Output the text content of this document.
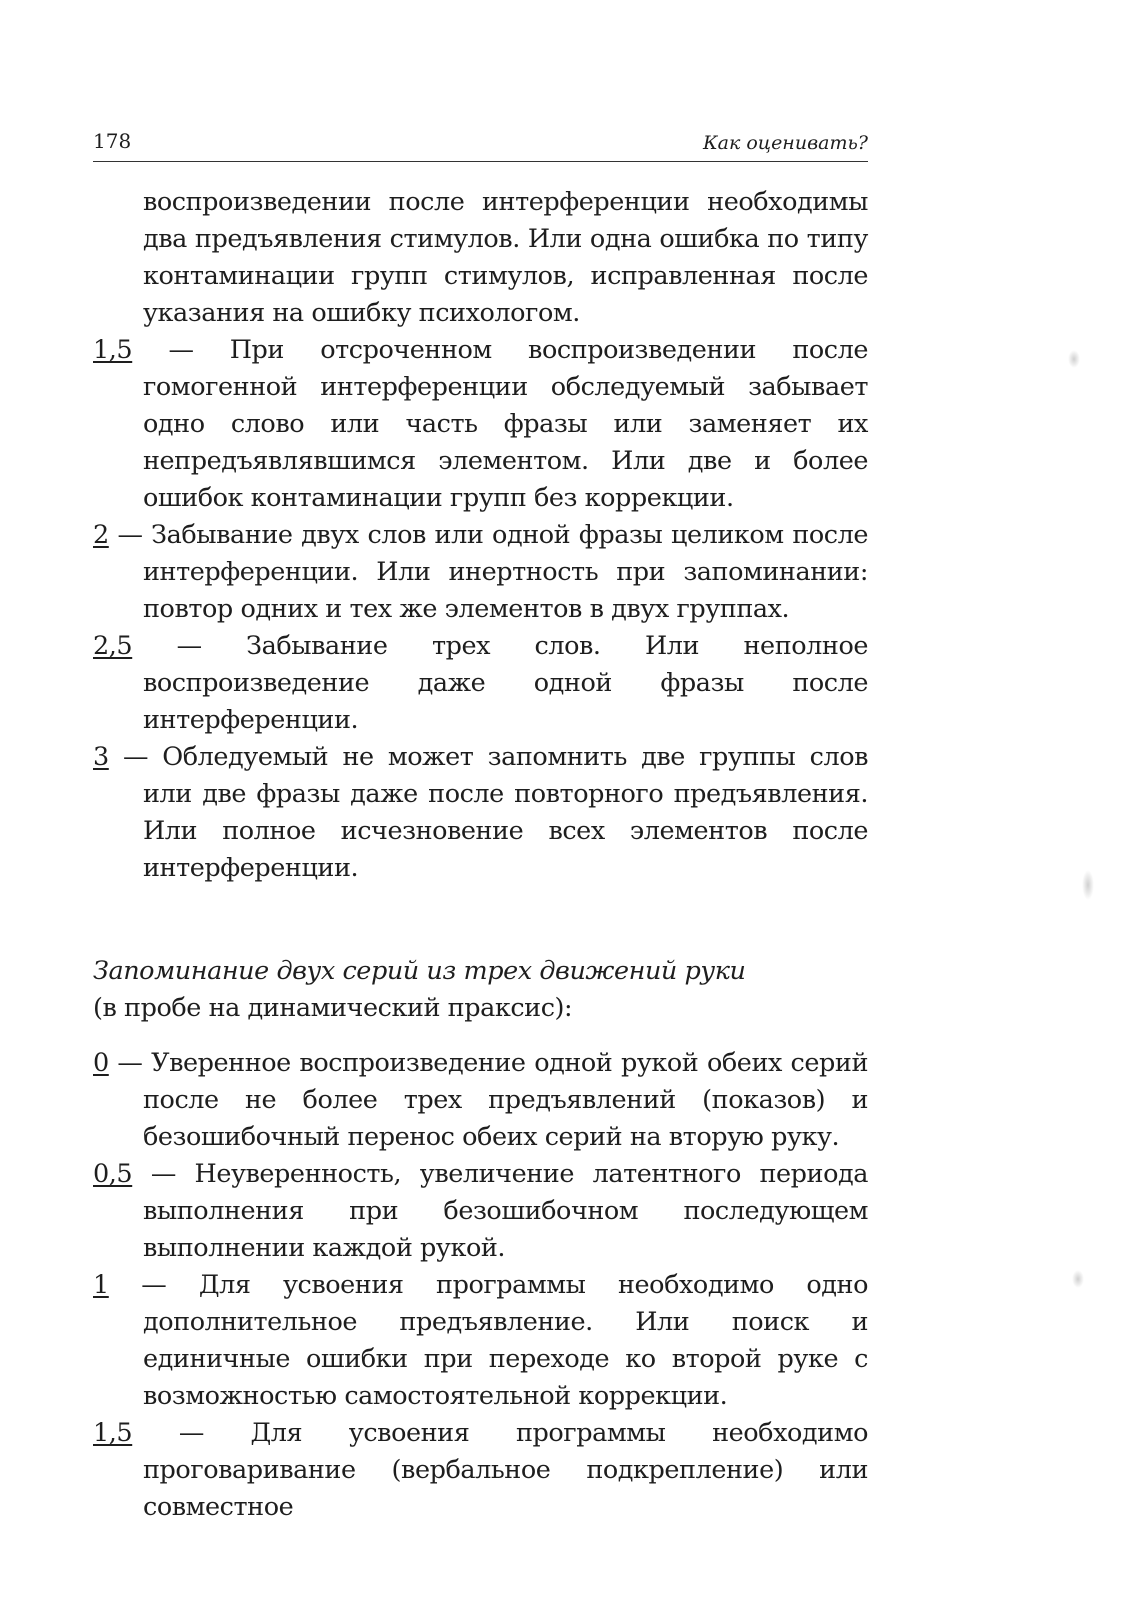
178	Как оценивать?

воспроизведении после интерференции необходимы два предъявления стимулов. Или одна ошибка по типу контаминации групп стимулов, исправленная после указания на ошибку психологом.

1,5 — При отсроченном воспроизведении после гомогенной интерференции обследуемый забывает одно слово или часть фразы или заменяет их непредъявлявшимся элементом. Или две и более ошибок контаминации групп без коррекции.

2 — Забывание двух слов или одной фразы целиком после интерференции. Или инертность при запоминании: повтор одних и тех же элементов в двух группах.

2,5 — Забывание трех слов. Или неполное воспроизведение даже одной фразы после интерференции.

3 — Обледуемый не может запомнить две группы слов или две фразы даже после повторного предъявления. Или полное исчезновение всех элементов после интерференции.

Запоминание двух серий из трех движений руки
(в пробе на динамический праксис):

0 — Уверенное воспроизведение одной рукой обеих серий после не более трех предъявлений (показов) и безошибочный перенос обеих серий на вторую руку.

0,5 — Неуверенность, увеличение латентного периода выполнения при безошибочном последующем выполнении каждой рукой.

1 — Для усвоения программы необходимо одно дополнительное предъявление. Или поиск и единичные ошибки при переходе ко второй руке с возможностью самостоятельной коррекции.

1,5 — Для усвоения программы необходимо проговаривание (вербальное подкрепление) или совместное
